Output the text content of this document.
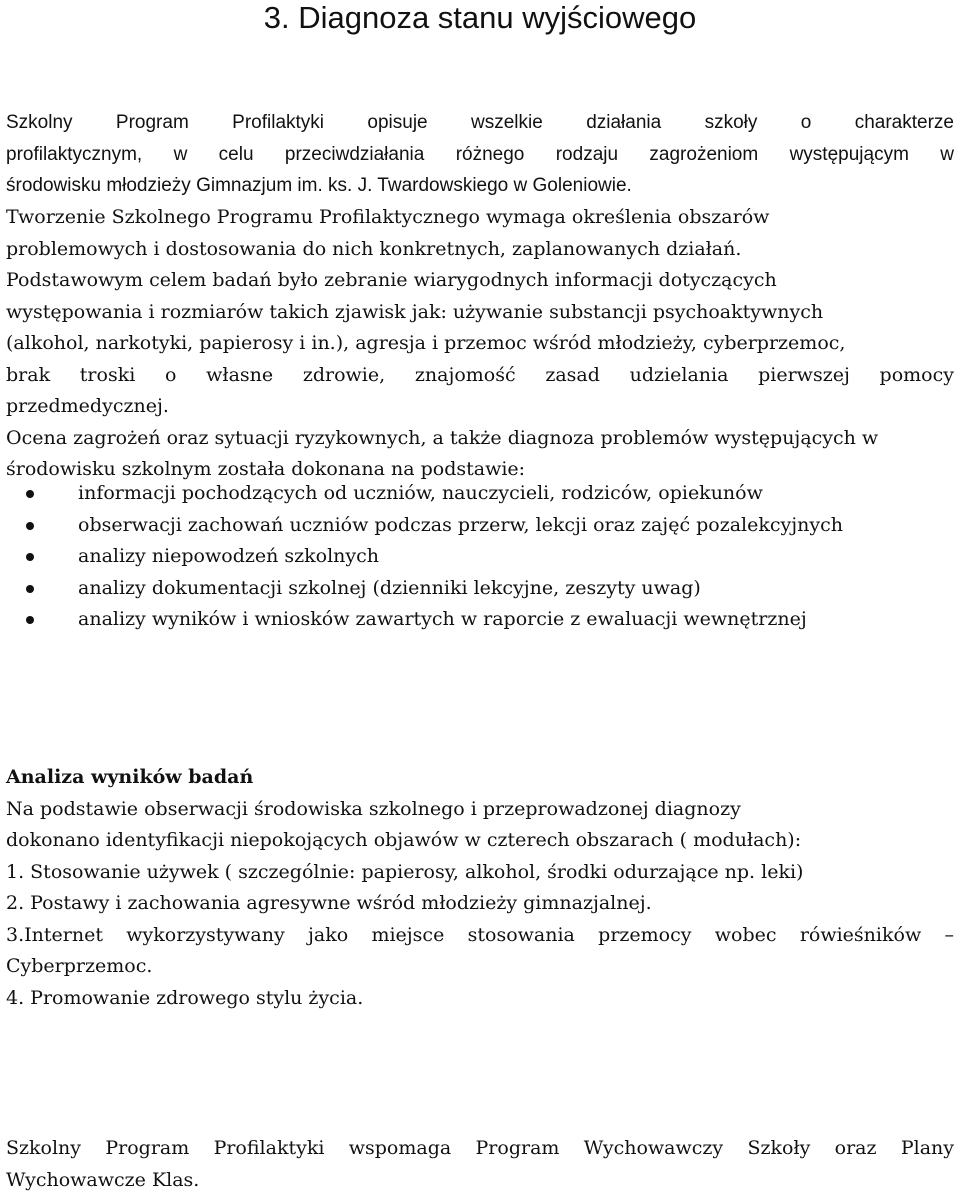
3. Diagnoza stanu wyjściowego
Szkolny Program Profilaktyki opisuje wszelkie działania szkoły o charakterze
profilaktycznym, w celu przeciwdziałania różnego rodzaju zagrożeniom występującym w
środowisku młodzieży Gimnazjum im. ks. J. Twardowskiego w Goleniowie.
Tworzenie Szkolnego Programu Profilaktycznego wymaga określenia obszarów
problemowych i dostosowania do nich konkretnych, zaplanowanych działań.
Podstawowym celem badań było zebranie wiarygodnych informacji dotyczących
występowania i rozmiarów takich zjawisk jak: używanie substancji psychoaktywnych
(alkohol, narkotyki, papierosy i in.), agresja i przemoc wśród młodzieży, cyberprzemoc,
brak troski o własne zdrowie, znajomość zasad udzielania pierwszej pomocy
przedmedycznej.
Ocena zagrożeń oraz sytuacji ryzykownych, a także diagnoza problemów występujących w
środowisku szkolnym została dokonana na podstawie:
informacji pochodzących od uczniów, nauczycieli, rodziców, opiekunów
obserwacji zachowań uczniów podczas przerw, lekcji oraz zajęć pozalekcyjnych
analizy niepowodzeń szkolnych
analizy dokumentacji szkolnej (dzienniki lekcyjne, zeszyty uwag)
analizy wyników i wniosków zawartych w raporcie z ewaluacji wewnętrznej
Analiza wyników badań
Na podstawie obserwacji środowiska szkolnego i przeprowadzonej diagnozy
dokonano identyfikacji niepokojących objawów w czterech obszarach ( modułach):
1. Stosowanie używek ( szczególnie: papierosy, alkohol, środki odurzające np. leki)
2. Postawy i zachowania agresywne wśród młodzieży gimnazjalnej.
3.Internet wykorzystywany jako miejsce stosowania przemocy wobec rówieśników –
Cyberprzemoc.
4. Promowanie zdrowego stylu życia.
Szkolny Program Profilaktyki wspomaga Program Wychowawczy Szkoły oraz Plany
Wychowawcze Klas.
